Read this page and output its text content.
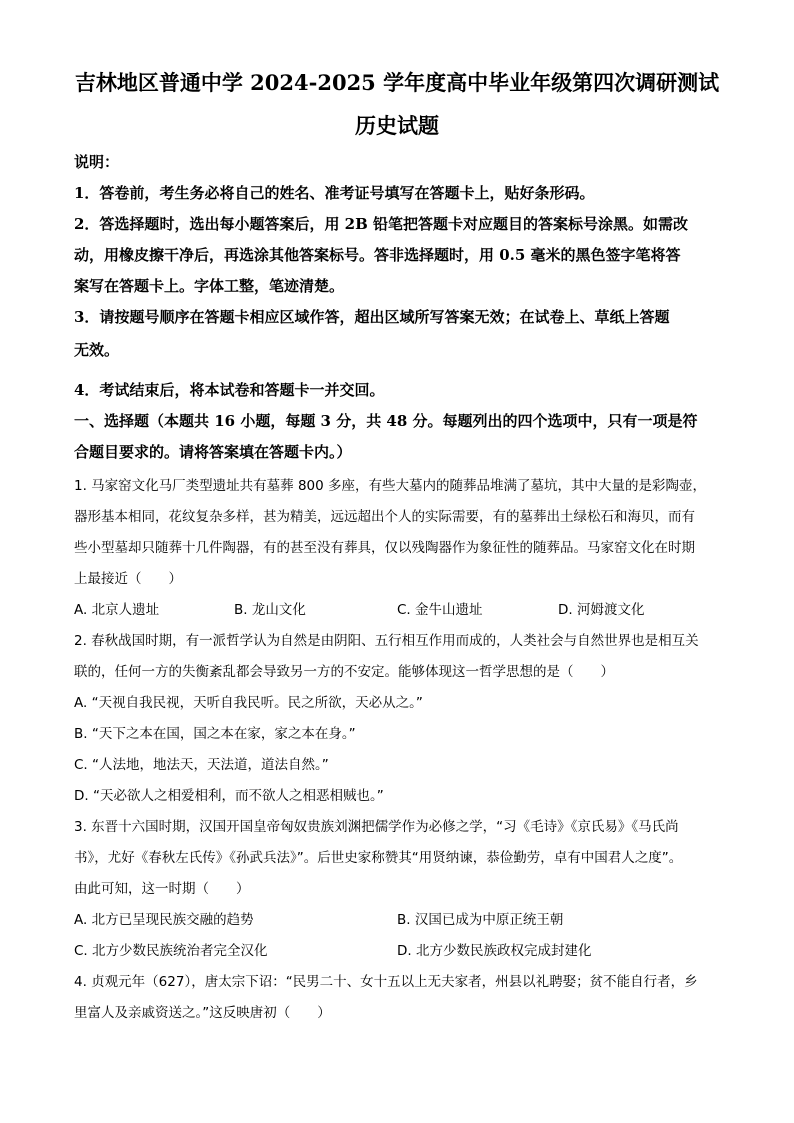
吉林地区普通中学 2024-2025 学年度高中毕业年级第四次调研测试
历史试题
说明：
1．答卷前，考生务必将自己的姓名、准考证号填写在答题卡上，贴好条形码。
2．答选择题时，选出每小题答案后，用 2B 铅笔把答题卡对应题目的答案标号涂黑。如需改
动，用橡皮擦干净后，再选涂其他答案标号。答非选择题时，用 0.5 毫米的黑色签字笔将答
案写在答题卡上。字体工整，笔迹清楚。
3．请按题号顺序在答题卡相应区域作答，超出区域所写答案无效；在试卷上、草纸上答题
无效。
4．考试结束后，将本试卷和答题卡一并交回。
一、选择题（本题共 16 小题，每题 3 分，共 48 分。每题列出的四个选项中，只有一项是符
合题目要求的。请将答案填在答题卡内。）
1. 马家窑文化马厂类型遗址共有墓葬 800 多座，有些大墓内的随葬品堆满了墓坑，其中大量的是彩陶壶，
器形基本相同，花纹复杂多样，甚为精美，远远超出个人的实际需要，有的墓葬出土绿松石和海贝，而有
些小型墓却只随葬十几件陶器，有的甚至没有葬具，仅以残陶器作为象征性的随葬品。马家窑文化在时期
上最接近（　　）
A. 北京人遗址	B. 龙山文化	C. 金牛山遗址	D. 河姆渡文化
2. 春秋战国时期，有一派哲学认为自然是由阴阳、五行相互作用而成的，人类社会与自然世界也是相互关
联的，任何一方的失衡紊乱都会导致另一方的不安定。能够体现这一哲学思想的是（　　）
A. “天视自我民视，天听自我民听。民之所欲，天必从之。”
B. “天下之本在国，国之本在家，家之本在身。”
C. “人法地，地法天，天法道，道法自然。”
D. “天必欲人之相爱相利，而不欲人之相恶相贼也。”
3. 东晋十六国时期，汉国开国皇帝匈奴贵族刘渊把儒学作为必修之学，“习《毛诗》《京氏易》《马氏尚
书》，尤好《春秋左氏传》《孙武兵法》”。后世史家称赞其“用贤纳谏，恭俭勤劳，卓有中国君人之度”。
由此可知，这一时期（　　）
A. 北方已呈现民族交融的趋势	B. 汉国已成为中原正统王朝
C. 北方少数民族统治者完全汉化	D. 北方少数民族政权完成封建化
4. 贞观元年（627），唐太宗下诏：“民男二十、女十五以上无夫家者，州县以礼聘娶；贫不能自行者，乡
里富人及亲戚资送之。”这反映唐初（　　）
